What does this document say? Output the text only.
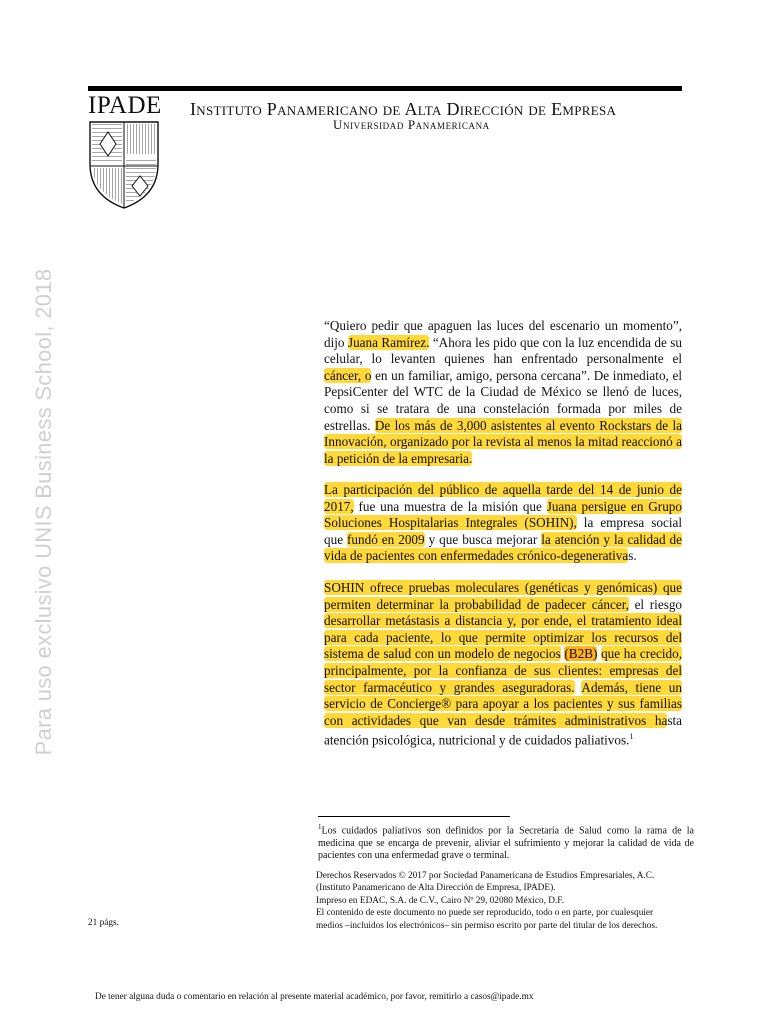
IPADE Instituto Panamericano de Alta Dirección de Empresa
Universidad Panamericana
Para uso exclusivo UNIS Business School, 2018	“Quiero pedir que apaguen las luces del escenario un momento”, dijo Juana Ramírez. “Ahora les pido que con la luz encendida de su celular, lo levanten quienes han enfrentado personalmente el cáncer, o en un familiar, amigo, persona cercana”. De inmediato, el PepsiCenter del WTC de la Ciudad de México se llenó de luces, como si se tratara de una constelación formada por miles de estrellas. De los más de 3,000 asistentes al evento Rockstars de la Innovación, organizado por la revista al menos la mitad reaccionó a la petición de la empresaria.

La participación del público de aquella tarde del 14 de junio de 2017, fue una muestra de la misión que Juana persigue en Grupo Soluciones Hospitalarias Integrales (SOHIN), la empresa social que fundó en 2009 y que busca mejorar la atención y la calidad de vida de pacientes con enfermedades crónico-degenerativas.

SOHIN ofrece pruebas moleculares (genéticas y genómicas) que permiten determinar la probabilidad de padecer cáncer, el riesgo desarrollar metástasis a distancia y, por ende, el tratamiento ideal para cada paciente, lo que permite optimizar los recursos del sistema de salud con un modelo de negocios (B2B) que ha crecido, principalmente, por la confianza de sus clientes: empresas del sector farmacéutico y grandes aseguradoras. Además, tiene un servicio de Concierge® para apoyar a los pacientes y sus familias con actividades que van desde trámites administrativos hasta atención psicológica, nutricional y de cuidados paliativos.$^1$

$^1$Los cuidados paliativos son definidos por la Secretaría de Salud como la rama de la medicina que se encarga de prevenir, aliviar el sufrimiento y mejorar la calidad de vida de pacientes con una enfermedad grave o terminal.
Derechos Reservados © 2017 por Sociedad Panamericana de Estudios Empresariales, A.C.
(Instituto Panamericano de Alta Dirección de Empresa, IPADE).
Impreso en EDAC, S.A. de C.V., Cairo Nº 29, 02080 México, D.F.
El contenido de este documento no puede ser reproducido, todo o en parte, por cualesquier
medios –incluidos los electrónicos– sin permiso escrito por parte del titular de los derechos.
21 págs.
De tener alguna duda o comentario en relación al presente material académico, por favor, remitirlo a casos@ipade.mx
